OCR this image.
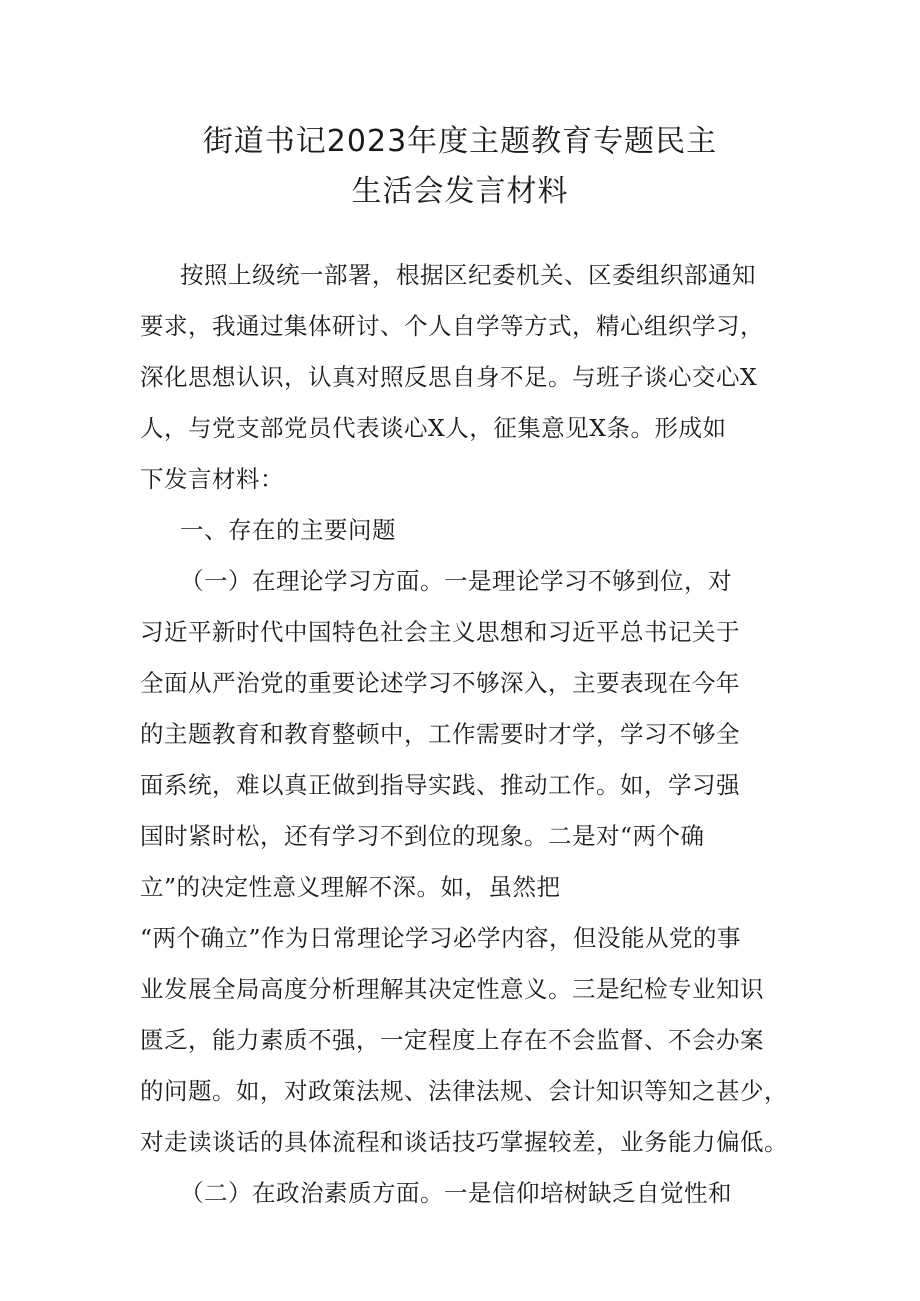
街道书记2023年度主题教育专题民主
生活会发言材料
按照上级统一部署，根据区纪委机关、区委组织部通知
要求，我通过集体研讨、个人自学等方式，精心组织学习，
深化思想认识，认真对照反思自身不足。与班子谈心交心X
人，与党支部党员代表谈心X人，征集意见X条。形成如
下发言材料：
一、存在的主要问题
（一）在理论学习方面。一是理论学习不够到位，对
习近平新时代中国特色社会主义思想和习近平总书记关于
全面从严治党的重要论述学习不够深入，主要表现在今年
的主题教育和教育整顿中，工作需要时才学，学习不够全
面系统，难以真正做到指导实践、推动工作。如，学习强
国时紧时松，还有学习不到位的现象。二是对“两个确
立”的决定性意义理解不深。如，虽然把
“两个确立”作为日常理论学习必学内容，但没能从党的事
业发展全局高度分析理解其决定性意义。三是纪检专业知识
匮乏，能力素质不强，一定程度上存在不会监督、不会办案
的问题。如，对政策法规、法律法规、会计知识等知之甚少，
对走读谈话的具体流程和谈话技巧掌握较差，业务能力偏低。
（二）在政治素质方面。一是信仰培树缺乏自觉性和
